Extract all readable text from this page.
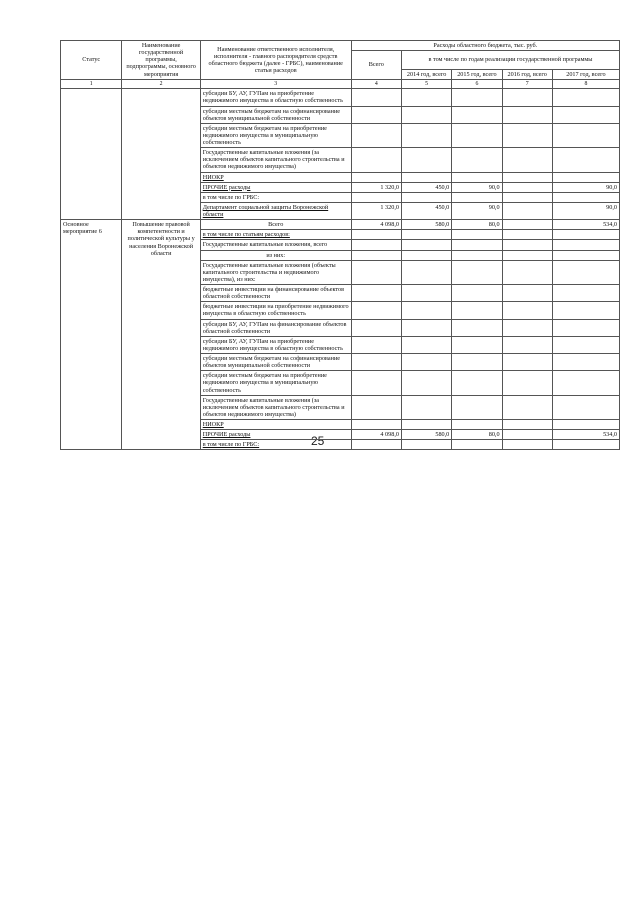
25
Статус	Наименование государственной программы, подпрограммы, основного мероприятия	Наименование ответственного исполнителя, исполнителя - главного распорядителя средств областного бюджета (далее - ГРБС), наименование статьи расходов	Расходы областного бюджета, тыс. руб.				
			Всего	в том числе по годам реализации государственной программы			
				2014 год, всего	2015 год, всего	2016 год, всего	2017 год, всего
1	2	3	4	5	6	7	8
		субсидии БУ, АУ, ГУПам на приобретение недвижимого имущества в областную собственность					
		субсидии местным бюджетам на софинансирование объектов муниципальной собственности					
		субсидии местным бюджетам на приобретение недвижимого имущества в муниципальную собственность					
		Государственные капитальные вложения (за исключением объектов капитального строительства и объектов недвижимого имущества)					
		НИОКР					
		ПРОЧИЕ расходы	1 320,0	450,0	90,0		90,0
		в том числе по ГРБС:					
		Департамент социальной защиты Воронежской области	1 320,0	450,0	90,0		90,0
Основное мероприятие 6	Повышение правовой компетентности и политической культуры у населения Воронежской области	Всего	4 098,0	580,0	80,0		534,0
		в том числе по статьям расходов:					
		Государственные капитальные вложения, всего					
		из них:					
		Государственные капитальные вложения (объекты капитального строительства и недвижимого имущества), из них:					
		бюджетные инвестиции на финансирование объектов областной собственности					
		бюджетные инвестиции на приобретение недвижимого имущества в областную собственность					
		субсидии БУ, АУ, ГУПам на финансирование объектов областной собственности					
		субсидии БУ, АУ, ГУПам на приобретение недвижимого имущества в областную собственность					
		субсидии местным бюджетам на софинансирование объектов муниципальной собственности					
		субсидии местным бюджетам на приобретение недвижимого имущества в муниципальную собственность					
		Государственные капитальные вложения (за исключением объектов капитального строительства и объектов недвижимого имущества)					
		НИОКР					
		ПРОЧИЕ расходы	4 098,0	580,0	80,0		534,0
		в том числе по ГРБС:					
